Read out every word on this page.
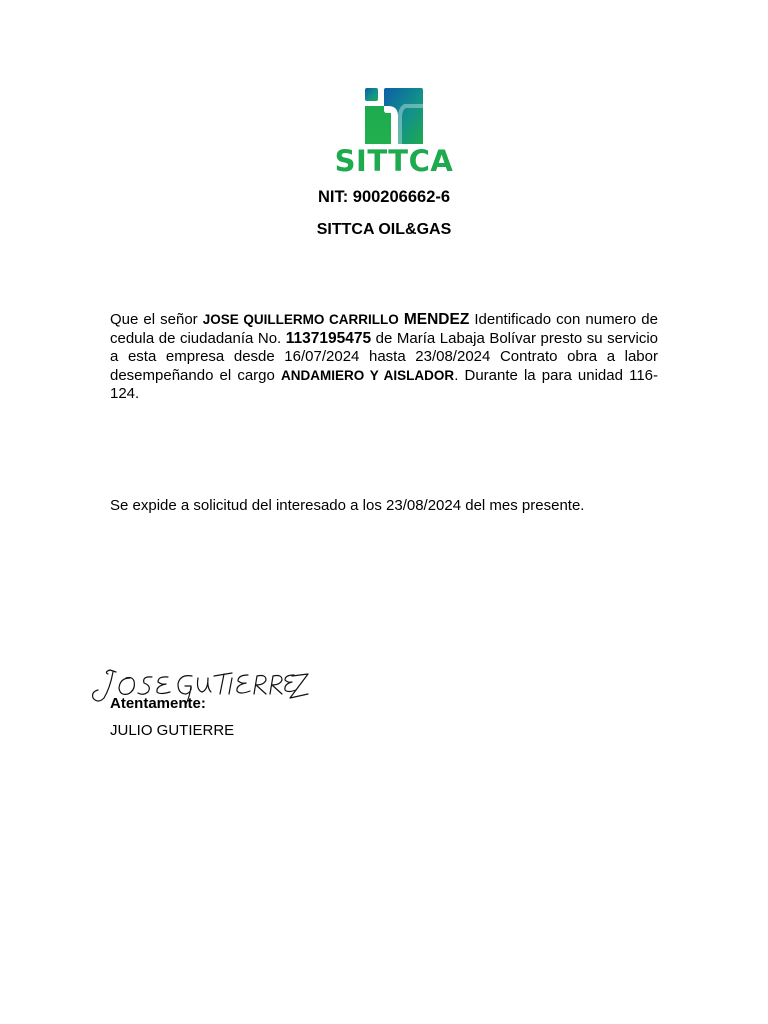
SITTCA
NIT: 900206662-6
SITTCA OIL&GAS

Que el señor JOSE QUILLERMO CARRILLO MENDEZ Identificado con numero de cedula de ciudadanía No. 1137195475 de María Labaja Bolívar presto su servicio a esta empresa desde 16/07/2024 hasta 23/08/2024 Contrato obra a labor desempeñando el cargo ANDAMIERO Y AISLADOR. Durante la para unidad 116-124.

Se expide a solicitud del interesado a los 23/08/2024 del mes presente.
JOSE GUTIERREZ
Atentamente:
JULIO GUTIERRE
